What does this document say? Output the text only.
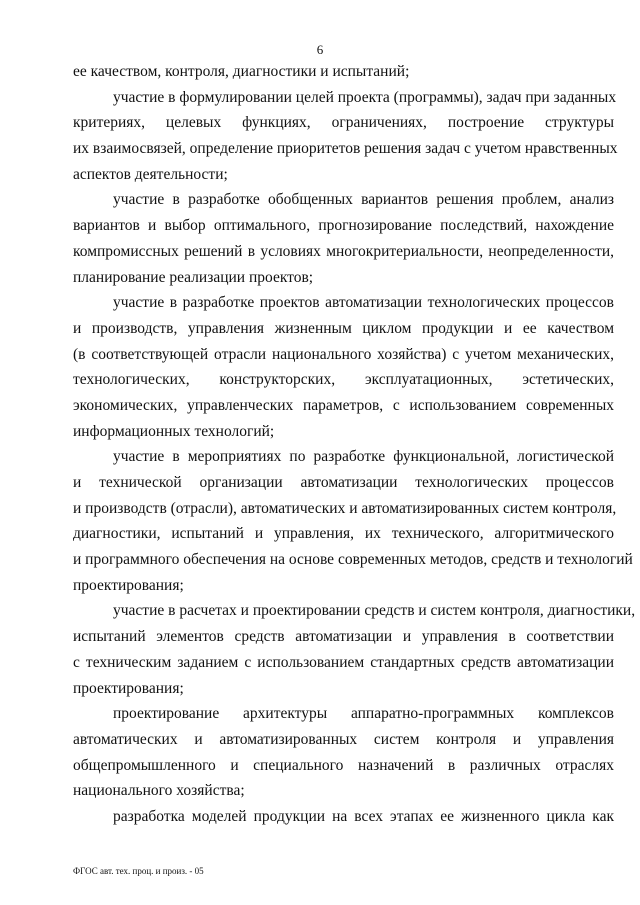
6
ее качеством, контроля, диагностики и испытаний;
участие в формулировании целей проекта (программы), задач при заданных
критериях, целевых функциях, ограничениях, построение структуры
их взаимосвязей, определение приоритетов решения задач с учетом нравственных
аспектов деятельности;
участие в разработке обобщенных вариантов решения проблем, анализ
вариантов и выбор оптимального, прогнозирование последствий, нахождение
компромиссных решений в условиях многокритериальности, неопределенности,
планирование реализации проектов;
участие в разработке проектов автоматизации технологических процессов
и производств, управления жизненным циклом продукции и ее качеством
(в соответствующей отрасли национального хозяйства) с учетом механических,
технологических, конструкторских, эксплуатационных, эстетических,
экономических, управленческих параметров, с использованием современных
информационных технологий;
участие в мероприятиях по разработке функциональной, логистической
и технической организации автоматизации технологических процессов
и производств (отрасли), автоматических и автоматизированных систем контроля,
диагностики, испытаний и управления, их технического, алгоритмического
и программного обеспечения на основе современных методов, средств и технологий
проектирования;
участие в расчетах и проектировании средств и систем контроля, диагностики,
испытаний элементов средств автоматизации и управления в соответствии
с техническим заданием с использованием стандартных средств автоматизации
проектирования;
проектирование архитектуры аппаратно-программных комплексов
автоматических и автоматизированных систем контроля и управления
общепромышленного и специального назначений в различных отраслях
национального хозяйства;
разработка моделей продукции на всех этапах ее жизненного цикла как
ФГОС авт. тех. проц. и произ. - 05
